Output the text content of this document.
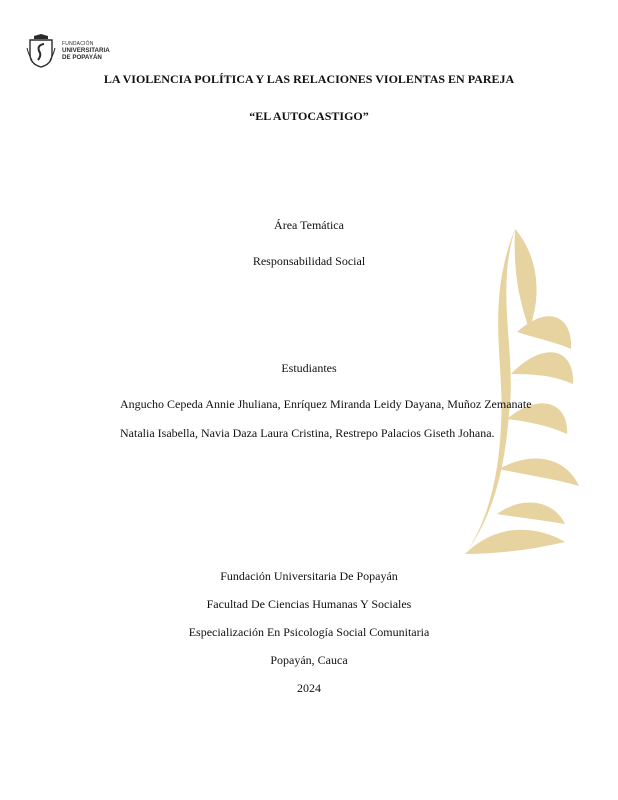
FUNDACIÓN
UNIVERSITARIA
DE POPAYÁN
LA VIOLENCIA POLÍTICA Y LAS RELACIONES VIOLENTAS EN PAREJA
“EL AUTOCASTIGO”
Área Temática
Responsabilidad Social
Estudiantes
Angucho Cepeda Annie Jhuliana, Enríquez Miranda Leidy Dayana, Muñoz Zemanate
Natalia Isabella, Navia Daza Laura Cristina, Restrepo Palacios Giseth Johana.
Fundación Universitaria De Popayán
Facultad De Ciencias Humanas Y Sociales
Especialización En Psicología Social Comunitaria
Popayán, Cauca
2024
